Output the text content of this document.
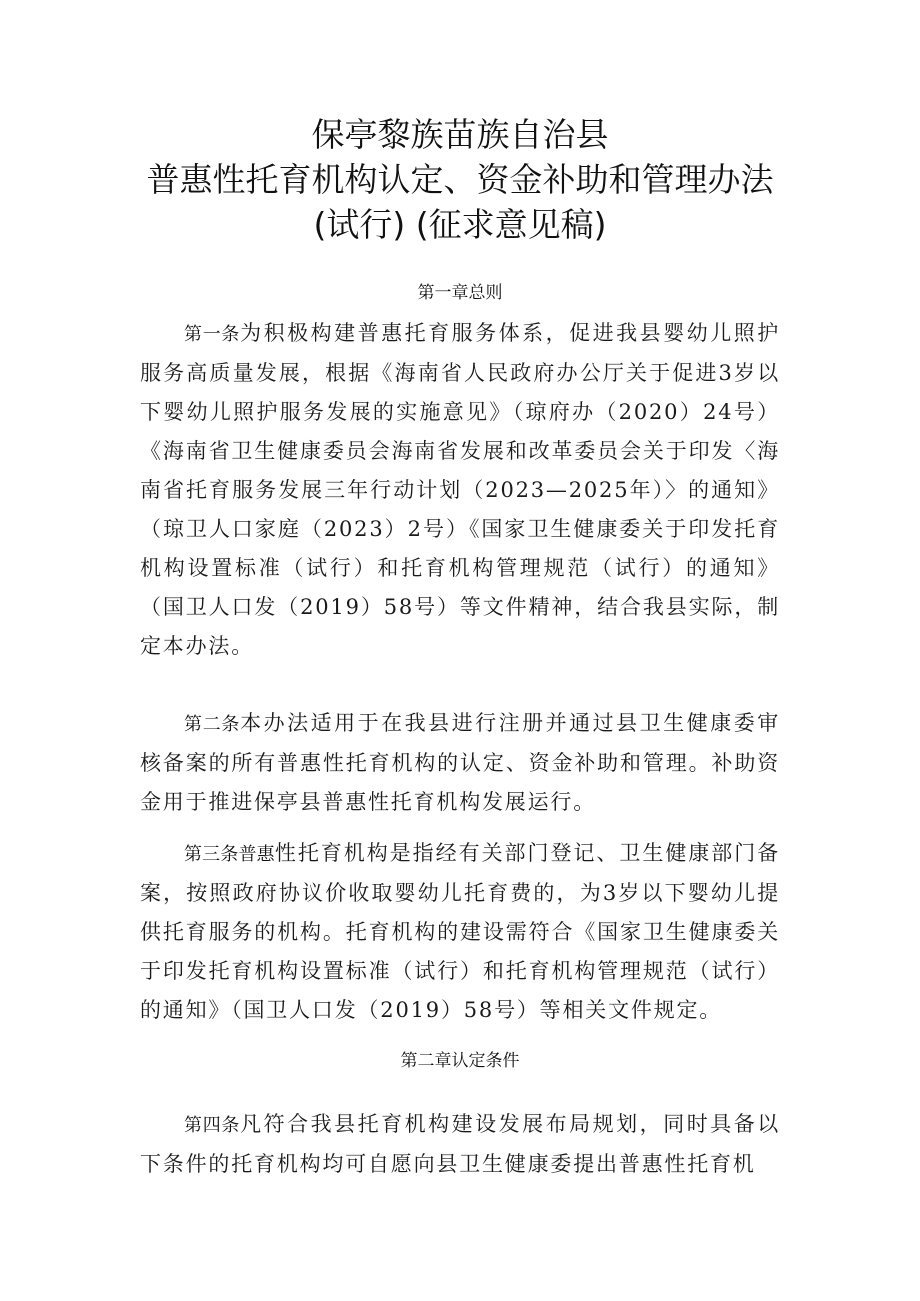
保亭黎族苗族自治县
普惠性托育机构认定、资金补助和管理办法
(试行) (征求意见稿)
第一章总则

第一条为积极构建普惠托育服务体系，促进我县婴幼儿照护服务高质量发展，根据《海南省人民政府办公厅关于促进3岁以下婴幼儿照护服务发展的实施意见》（琼府办（2020）24号）《海南省卫生健康委员会海南省发展和改革委员会关于印发〈海南省托育服务发展三年行动计划（2023—2025年）〉的通知》（琼卫人口家庭（2023）2号）《国家卫生健康委关于印发托育机构设置标准（试行）和托育机构管理规范（试行）的通知》（国卫人口发（2019）58号）等文件精神，结合我县实际，制定本办法。

第二条本办法适用于在我县进行注册并通过县卫生健康委审核备案的所有普惠性托育机构的认定、资金补助和管理。补助资金用于推进保亭县普惠性托育机构发展运行。

第三条普惠性托育机构是指经有关部门登记、卫生健康部门备案，按照政府协议价收取婴幼儿托育费的，为3岁以下婴幼儿提供托育服务的机构。托育机构的建设需符合《国家卫生健康委关于印发托育机构设置标准（试行）和托育机构管理规范（试行）的通知》（国卫人口发（2019）58号）等相关文件规定。

第二章认定条件

第四条凡符合我县托育机构建设发展布局规划，同时具备以下条件的托育机构均可自愿向县卫生健康委提出普惠性托育机
